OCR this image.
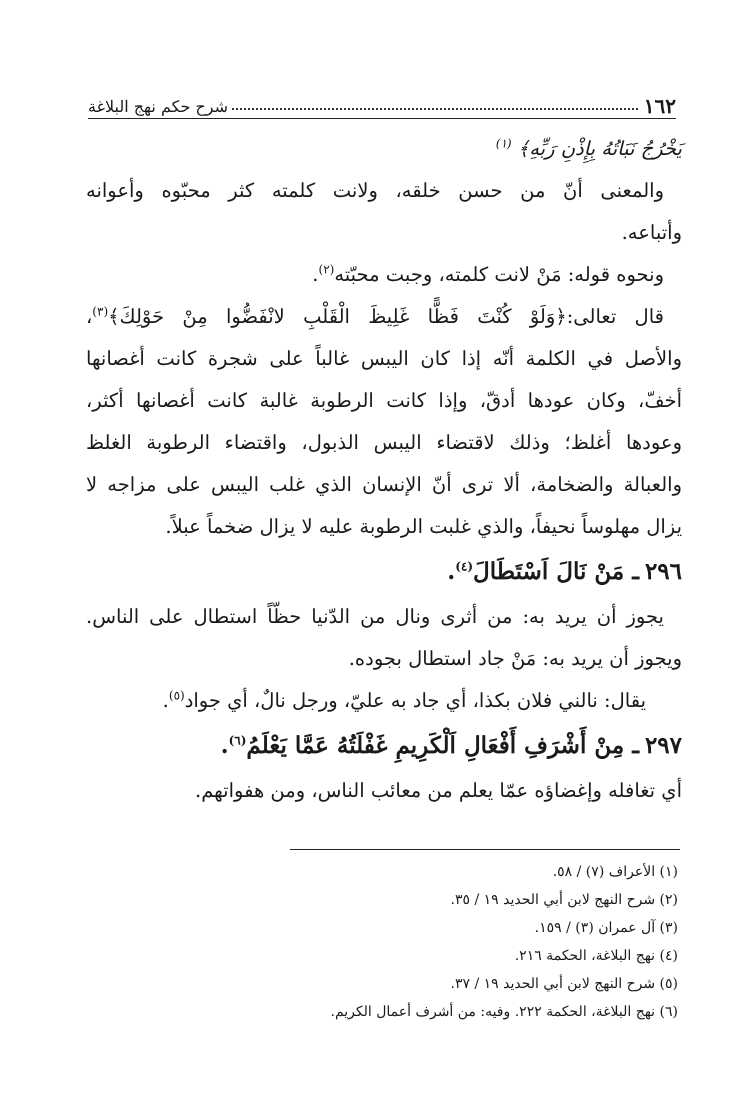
١٦٢
شرح حكم نهج البلاغة
يَخْرُجُ نَبَاتُهُ بِإِذْنِ رَبِّهِ﴾ $^{(١)}$
والمعنى أنّ من حسن خلقه، ولانت كلمته كثر محبّوه وأعوانه
وأتباعه.
ونحوه قوله: مَنْ لانت كلمته، وجبت محبّته$^{(٢)}$.
قال تعالى:﴿وَلَوْ كُنْتَ فَظًّا غَلِيظَ الْقَلْبِ لانْفَضُّوا مِنْ حَوْلِكَ﴾$^{(٣)}$،
والأصل في الكلمة أنّه إذا كان اليبس غالباً على شجرة كانت أغصانها
أخفّ، وكان عودها أدقّ، وإذا كانت الرطوبة غالبة كانت أغصانها أكثر،
وعودها أغلظ؛ وذلك لاقتضاء اليبس الذبول، واقتضاء الرطوبة الغلظ
والعبالة والضخامة، ألا ترى أنّ الإنسان الذي غلب اليبس على مزاجه لا
يزال مهلوساً نحيفاً، والذي غلبت الرطوبة عليه لا يزال ضخماً عبلاً.
٢٩٦ـ مَنْ نَالَ اَسْتَطَالَ$^{(٤)}$.
يجوز أن يريد به: من أثرى ونال من الدّنيا حظّاً استطال على الناس.
ويجوز أن يريد به: مَنْ جاد استطال بجوده.
يقال: نالني فلان بكذا، أي جاد به عليّ، ورجل نالٌ، أي جواد$^{(٥)}$.
٢٩٧ـ مِنْ أَشْرَفِ أَفْعَالِ اَلْكَرِيمِ غَفْلَتُهُ عَمَّا يَعْلَمُ$^{(٦)}$.
أي تغافله وإغضاؤه عمّا يعلم من معائب الناس، ومن هفواتهم.
(١) الأعراف (٧) / ٥٨.
(٢) شرح النهج لابن أبي الحديد ١٩ / ٣٥.
(٣) آل عمران (٣) / ١٥٩.
(٤) نهج البلاغة، الحكمة ٢١٦.
(٥) شرح النهج لابن أبي الحديد ١٩ / ٣٧.
(٦) نهج البلاغة، الحكمة ٢٢٢. وفيه: من أشرف أعمال الكريم.
